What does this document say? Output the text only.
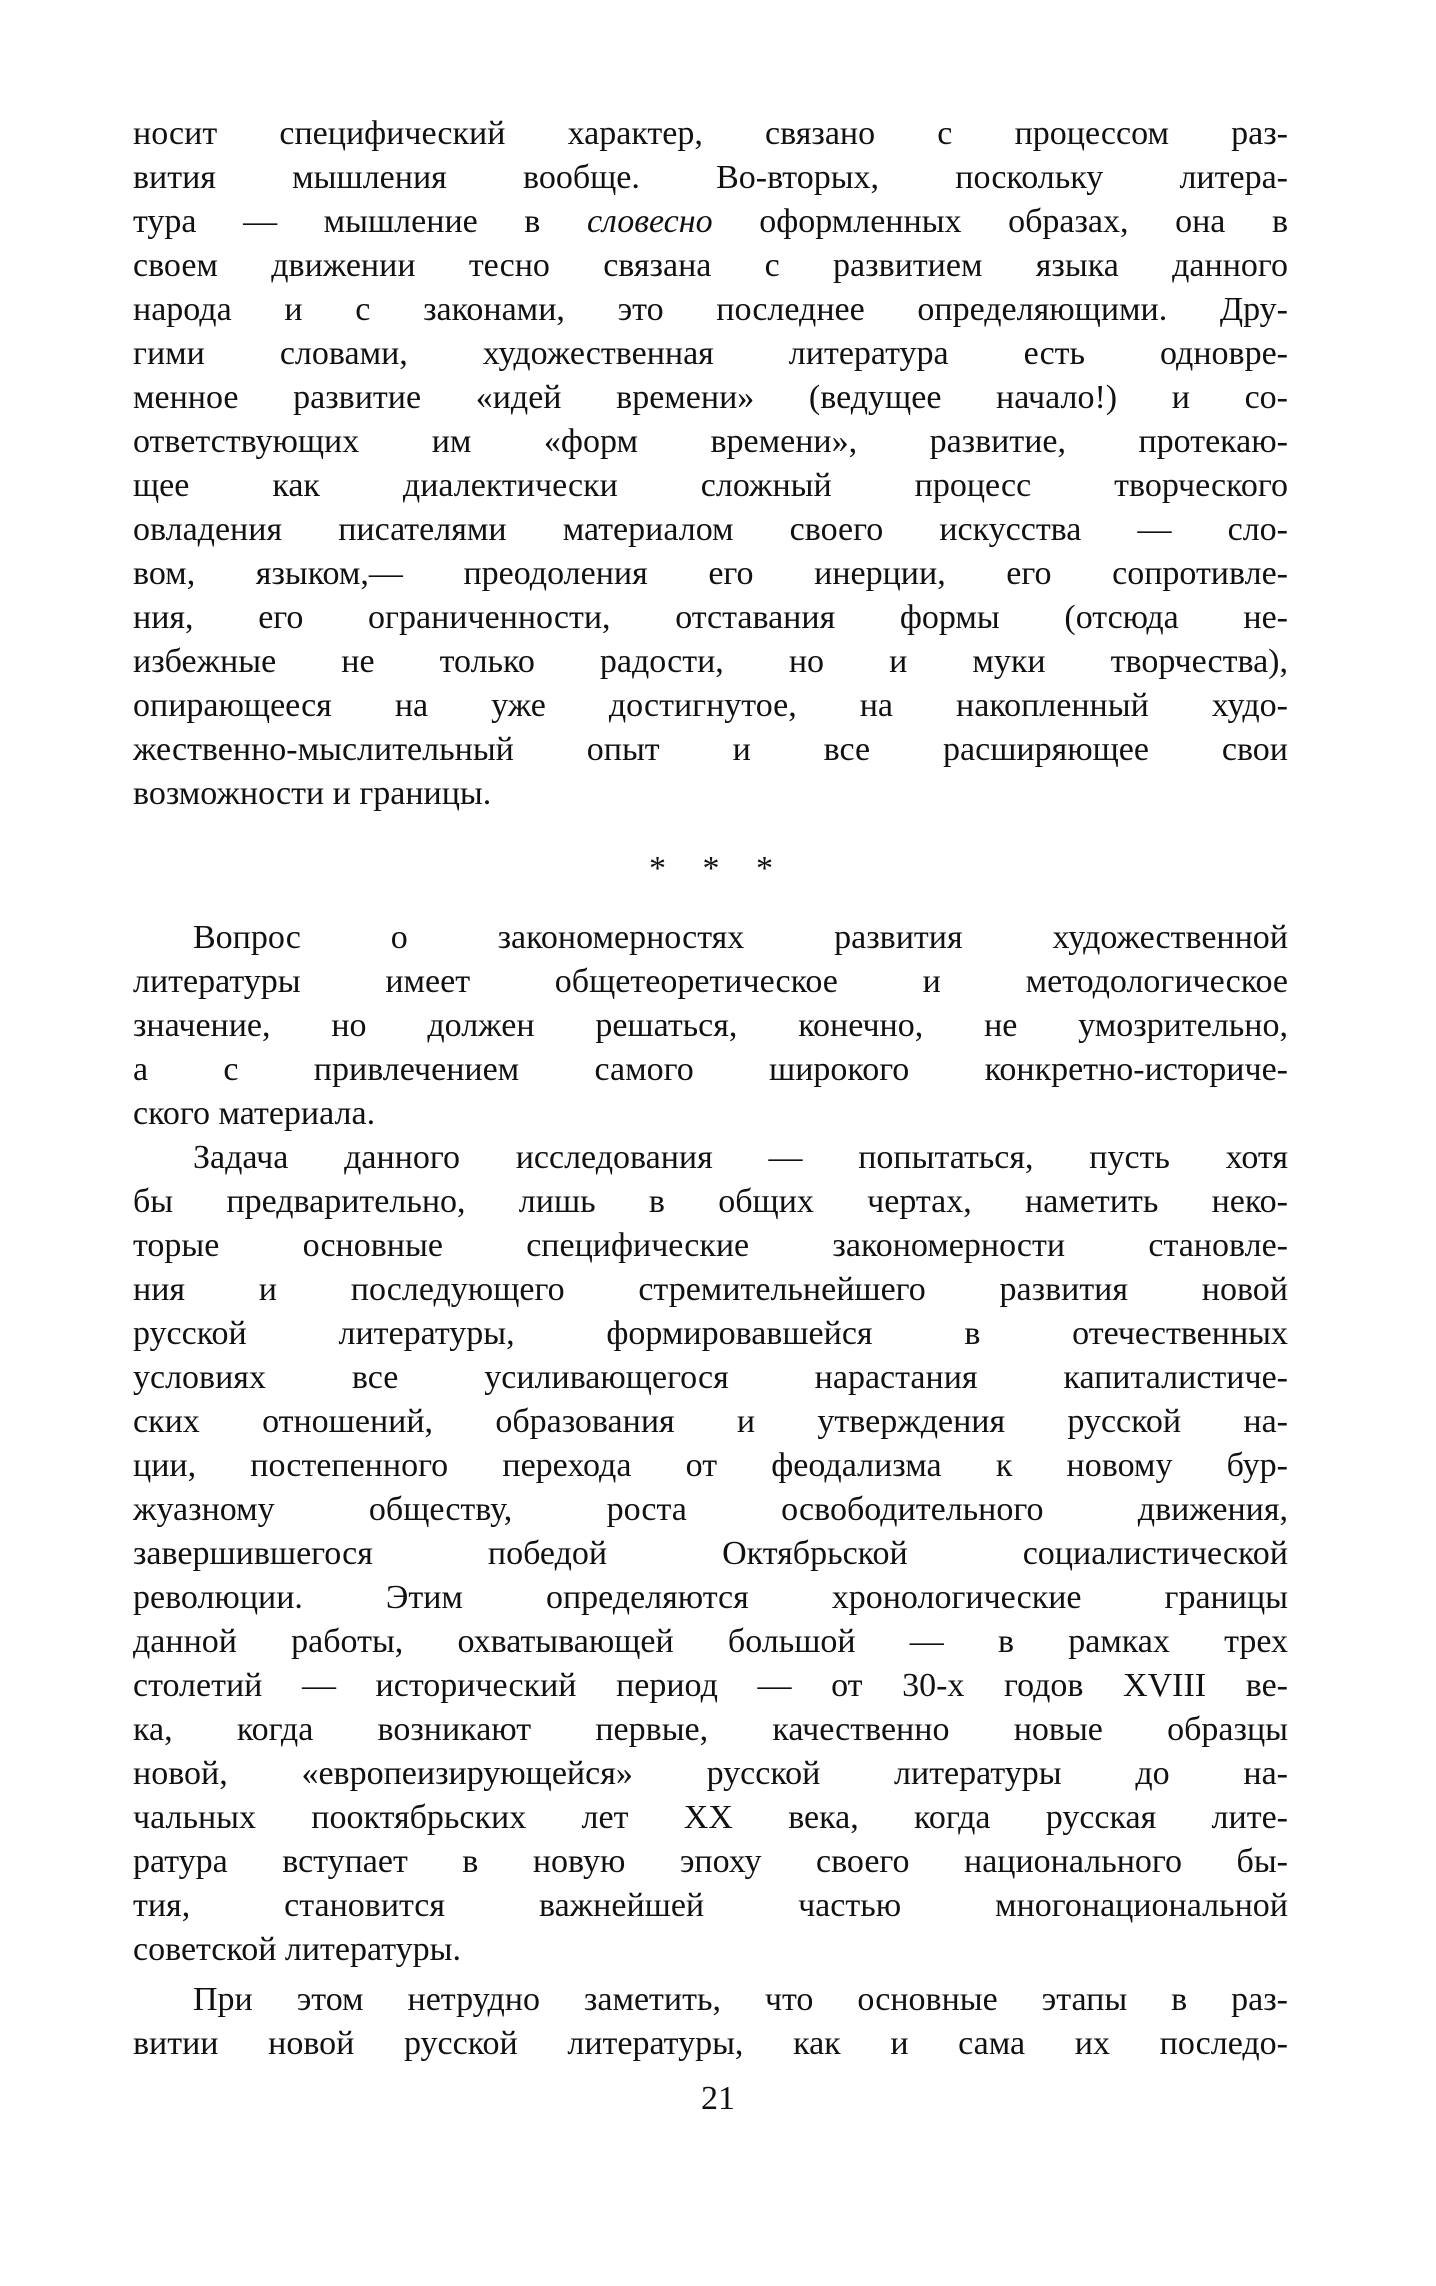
носит специфический характер, связано с процессом раз-
вития мышления вообще. Во-вторых, поскольку литера-
тура — мышление в словесно оформленных образах, она в
своем движении тесно связана с развитием языка данного
народа и с законами, это последнее определяющими. Дру-
гими словами, художественная литература есть одновре-
менное развитие «идей времени» (ведущее начало!) и со-
ответствующих им «форм времени», развитие, протекаю-
щее как диалектически сложный процесс творческого
овладения писателями материалом своего искусства — сло-
вом, языком,— преодоления его инерции, его сопротивле-
ния, его ограниченности, отставания формы (отсюда не-
избежные не только радости, но и муки творчества),
опирающееся на уже достигнутое, на накопленный худо-
жественно-мыслительный опыт и все расширяющее свои
возможности и границы.
* * *
Вопрос о закономерностях развития художественной
литературы имеет общетеоретическое и методологическое
значение, но должен решаться, конечно, не умозрительно,
а с привлечением самого широкого конкретно-историче-
ского материала.
Задача данного исследования — попытаться, пусть хотя
бы предварительно, лишь в общих чертах, наметить неко-
торые основные специфические закономерности становле-
ния и последующего стремительнейшего развития новой
русской литературы, формировавшейся в отечественных
условиях все усиливающегося нарастания капиталистиче-
ских отношений, образования и утверждения русской на-
ции, постепенного перехода от феодализма к новому бур-
жуазному обществу, роста освободительного движения,
завершившегося победой Октябрьской социалистической
революции. Этим определяются хронологические границы
данной работы, охватывающей большой — в рамках трех
столетий — исторический период — от 30-х годов XVIII ве-
ка, когда возникают первые, качественно новые образцы
новой, «европеизирующейся» русской литературы до на-
чальных пооктябрьских лет XX века, когда русская лите-
ратура вступает в новую эпоху своего национального бы-
тия, становится важнейшей частью многонациональной
советской литературы.
При этом нетрудно заметить, что основные этапы в раз-
витии новой русской литературы, как и сама их последо-
21
